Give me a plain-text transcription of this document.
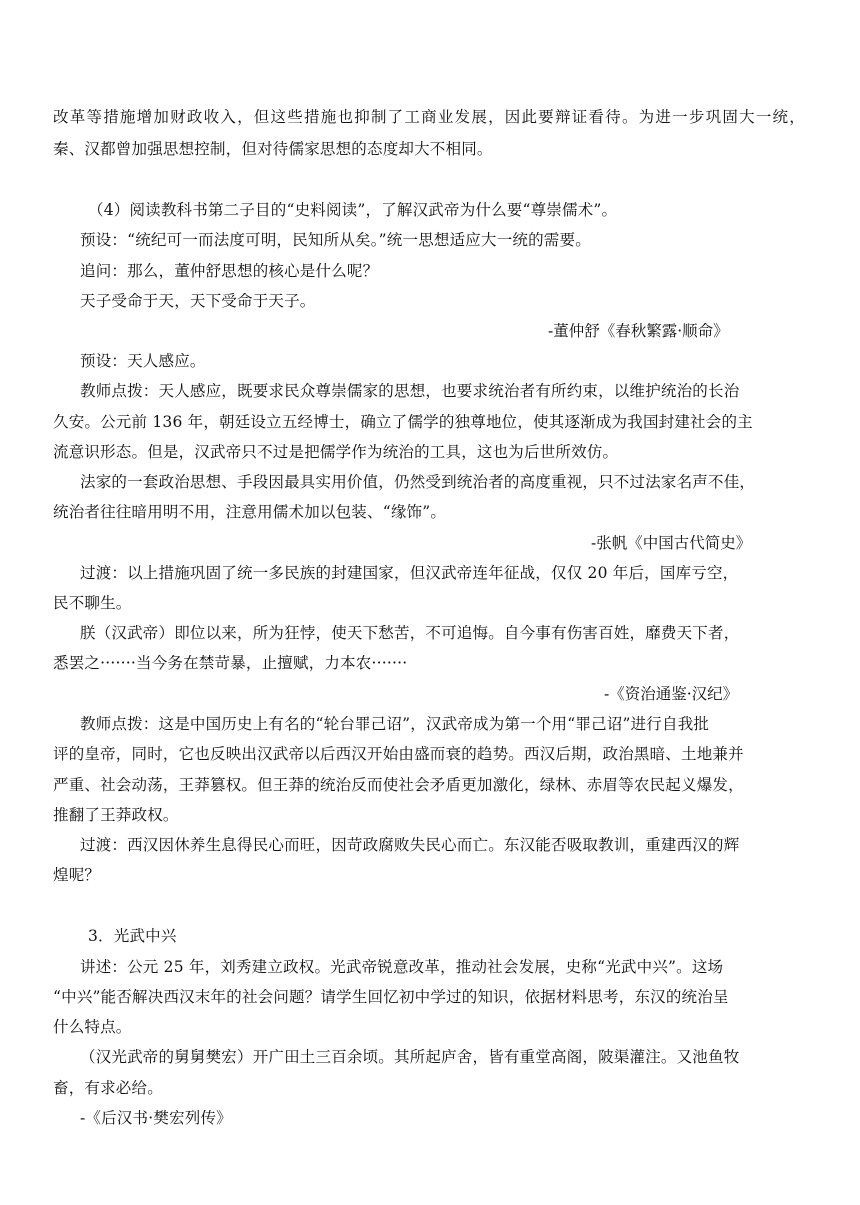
改革等措施增加财政收入，但这些措施也抑制了工商业发展，因此要辩证看待。为进一步巩固大一统，
秦、汉都曾加强思想控制，但对待儒家思想的态度却大不相同。
（4）阅读教科书第二子目的“史料阅读”，了解汉武帝为什么要“尊崇儒术”。
预设：“统纪可一而法度可明，民知所从矣。”统一思想适应大一统的需要。
追问：那么，董仲舒思想的核心是什么呢？
天子受命于天，天下受命于天子。
-董仲舒《春秋繁露·顺命》
预设：天人感应。
教师点拨：天人感应，既要求民众尊崇儒家的思想，也要求统治者有所约束，以维护统治的长治
久安。公元前 136 年，朝廷设立五经博士，确立了儒学的独尊地位，使其逐渐成为我国封建社会的主
流意识形态。但是，汉武帝只不过是把儒学作为统治的工具，这也为后世所效仿。
法家的一套政治思想、手段因最具实用价值，仍然受到统治者的高度重视，只不过法家名声不佳，
统治者往往暗用明不用，注意用儒术加以包装、“缘饰”。
-张帆《中国古代简史》
过渡：以上措施巩固了统一多民族的封建国家，但汉武帝连年征战，仅仅 20 年后，国库亏空，
民不聊生。
朕（汉武帝）即位以来，所为狂悖，使天下愁苦，不可追悔。自今事有伤害百姓，靡费天下者，
悉罢之·······当今务在禁苛暴，止擅赋，力本农·······
-《资治通鉴·汉纪》
教师点拨：这是中国历史上有名的“轮台罪己诏”，汉武帝成为第一个用“罪己诏”进行自我批
评的皇帝，同时，它也反映出汉武帝以后西汉开始由盛而衰的趋势。西汉后期，政治黑暗、土地兼并
严重、社会动荡，王莽篡权。但王莽的统治反而使社会矛盾更加激化，绿林、赤眉等农民起义爆发，
推翻了王莽政权。
过渡：西汉因休养生息得民心而旺，因苛政腐败失民心而亡。东汉能否吸取教训，重建西汉的辉
煌呢？
3．光武中兴
讲述：公元 25 年，刘秀建立政权。光武帝锐意改革，推动社会发展，史称“光武中兴”。这场
“中兴”能否解决西汉末年的社会问题？请学生回忆初中学过的知识，依据材料思考，东汉的统治呈
什么特点。
（汉光武帝的舅舅樊宏）开广田土三百余顷。其所起庐舍，皆有重堂高阁，陂渠灌注。又池鱼牧
畜，有求必给。
-《后汉书·樊宏列传》
